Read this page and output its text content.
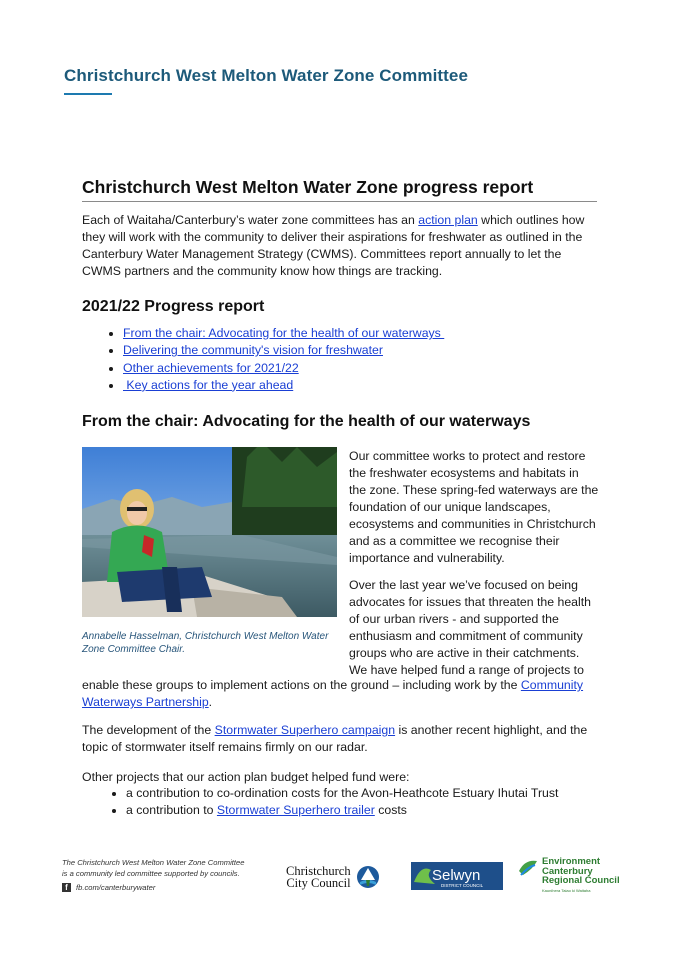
Christchurch West Melton Water Zone Committee
Christchurch West Melton Water Zone progress report
Each of Waitaha/Canterbury’s water zone committees has an action plan which outlines how they will work with the community to deliver their aspirations for freshwater as outlined in the Canterbury Water Management Strategy (CWMS). Committees report annually to let the CWMS partners and the community know how things are tracking.
2021/22 Progress report
• From the chair: Advocating for the health of our waterways
• Delivering the community's vision for freshwater
• Other achievements for 2021/22
•  Key actions for the year ahead
From the chair: Advocating for the health of our waterways
Annabelle Hasselman, Christchurch West Melton Water Zone Committee Chair.
Our committee works to protect and restore the freshwater ecosystems and habitats in the zone. These spring-fed waterways are the foundation of our unique landscapes, ecosystems and communities in Christchurch and as a committee we recognise their importance and vulnerability.
Over the last year we’ve focused on being advocates for issues that threaten the health of our urban rivers - and supported the enthusiasm and commitment of community groups who are active in their catchments. We have helped fund a range of projects to
enable these groups to implement actions on the ground – including work by the Community Waterways Partnership.
The development of the Stormwater Superhero campaign is another recent highlight, and the topic of stormwater itself remains firmly on our radar.
Other projects that our action plan budget helped fund were:
• a contribution to co-ordination costs for the Avon-Heathcote Estuary Ihutai Trust
• a contribution to Stormwater Superhero trailer costs
The Christchurch West Melton Water Zone Committee
is a community led committee supported by councils.
f	fb.com/canterburywater
Christchurch
City Council	Selwyn
DISTRICT COUNCIL
Environment
Canterbury
Regional Council
Kaunihera Taiao ki Waitaha
